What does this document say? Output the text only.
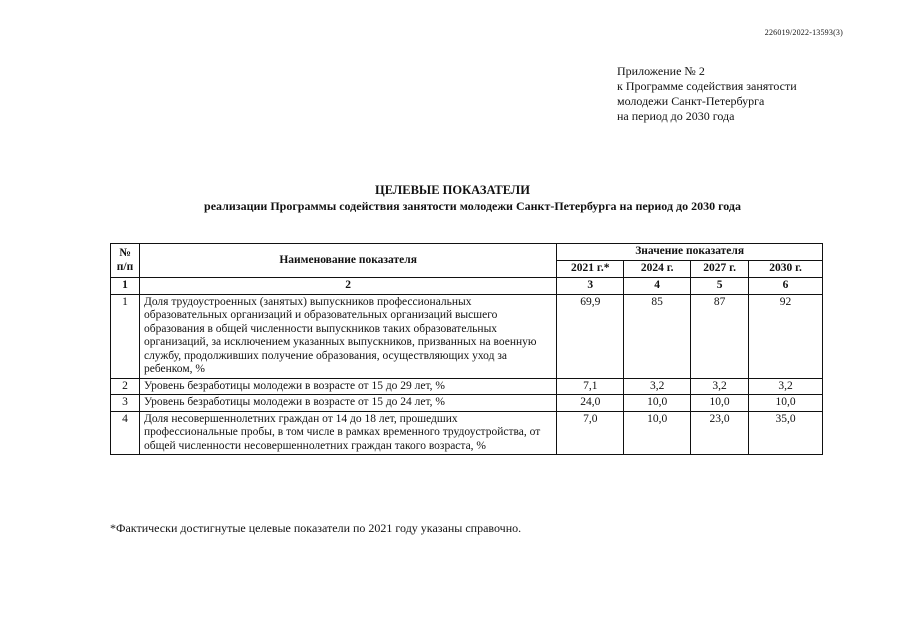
226019/2022-13593(3)
Приложение № 2
к Программе содействия занятости
молодежи Санкт-Петербурга
на период до 2030 года
ЦЕЛЕВЫЕ ПОКАЗАТЕЛИ
реализации Программы содействия занятости молодежи Санкт-Петербурга на период до 2030 года
№ п/п	Наименование показателя	Значение показателя			
		2021 г.*	2024 г.	2027 г.	2030 г.
1	2	3	4	5	6
1	Доля трудоустроенных (занятых) выпускников профессиональных образовательных организаций и образовательных организаций высшего образования в общей численности выпускников таких образовательных организаций, за исключением указанных выпускников, призванных на военную службу, продолживших получение образования, осуществляющих уход за ребенком, %	69,9	85	87	92
2	Уровень безработицы молодежи в возрасте от 15 до 29 лет, %	7,1	3,2	3,2	3,2
3	Уровень безработицы молодежи в возрасте от 15 до 24 лет, %	24,0	10,0	10,0	10,0
4	Доля несовершеннолетних граждан от 14 до 18 лет, прошедших профессиональные пробы, в том числе в рамках временного трудоустройства, от общей численности несовершеннолетних граждан такого возраста, %	7,0	10,0	23,0	35,0
*Фактически достигнутые целевые показатели по 2021 году указаны справочно.
